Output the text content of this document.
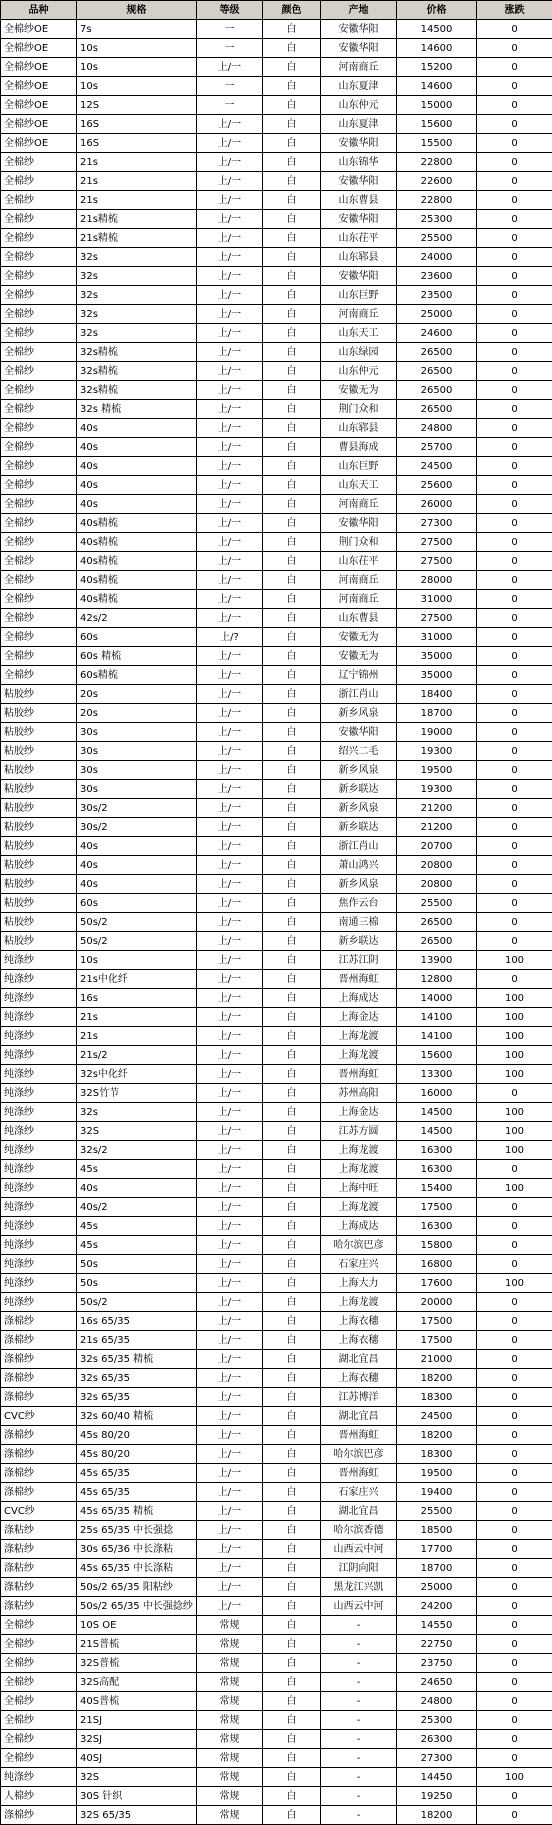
品种	规格	等级	颜色	产地	价格	涨跌
全棉纱OE	7s	一	白	安徽华阳	14500	0
全棉纱OE	10s	一	白	安徽华阳	14600	0
全棉纱OE	10s	上/一	白	河南商丘	15200	0
全棉纱OE	10s	一	白	山东夏津	14600	0
全棉纱OE	12S	一	白	山东仲元	15000	0
全棉纱OE	16S	上/一	白	山东夏津	15600	0
全棉纱OE	16S	上/一	白	安徽华阳	15500	0
全棉纱	21s	上/一	白	山东锦华	22800	0
全棉纱	21s	上/一	白	安徽华阳	22600	0
全棉纱	21s	上/一	白	山东曹县	22800	0
全棉纱	21s精梳	上/一	白	安徽华阳	25300	0
全棉纱	21s精梳	上/一	白	山东茌平	25500	0
全棉纱	32s	上/一	白	山东郓县	24000	0
全棉纱	32s	上/一	白	安徽华阳	23600	0
全棉纱	32s	上/一	白	山东巨野	23500	0
全棉纱	32s	上/一	白	河南商丘	25000	0
全棉纱	32s	上/一	白	山东天工	24600	0
全棉纱	32s精梳	上/一	白	山东绿园	26500	0
全棉纱	32s精梳	上/一	白	山东仲元	26500	0
全棉纱	32s精梳	上/一	白	安徽无为	26500	0
全棉纱	32s 精梳	上/一	白	荆门众和	26500	0
全棉纱	40s	上/一	白	山东郓县	24800	0
全棉纱	40s	上/一	白	曹县海成	25700	0
全棉纱	40s	上/一	白	山东巨野	24500	0
全棉纱	40s	上/一	白	山东天工	25600	0
全棉纱	40s	上/一	白	河南商丘	26000	0
全棉纱	40s精梳	上/一	白	安徽华阳	27300	0
全棉纱	40s精梳	上/一	白	荆门众和	27500	0
全棉纱	40s精梳	上/一	白	山东茌平	27500	0
全棉纱	40s精梳	上/一	白	河南商丘	28000	0
全棉纱	40s精梳	上/一	白	河南商丘	31000	0
全棉纱	42s/2	上/一	白	山东曹县	27500	0
全棉纱	60s	上/?	白	安徽无为	31000	0
全棉纱	60s 精梳	上/一	白	安徽无为	35000	0
全棉纱	60s精梳	上/一	白	辽宁锦州	35000	0
粘胶纱	20s	上/一	白	浙江肖山	18400	0
粘胶纱	20s	上/一	白	新乡风泉	18700	0
粘胶纱	30s	上/一	白	安徽华阳	19000	0
粘胶纱	30s	上/一	白	绍兴二毛	19300	0
粘胶纱	30s	上/一	白	新乡风泉	19500	0
粘胶纱	30s	上/一	白	新乡联达	19300	0
粘胶纱	30s/2	上/一	白	新乡风泉	21200	0
粘胶纱	30s/2	上/一	白	新乡联达	21200	0
粘胶纱	40s	上/一	白	浙江肖山	20700	0
粘胶纱	40s	上/一	白	萧山鸿兴	20800	0
粘胶纱	40s	上/一	白	新乡风泉	20800	0
粘胶纱	60s	上/一	白	焦作云台	25500	0
粘胶纱	50s/2	上/一	白	南通三棉	26500	0
粘胶纱	50s/2	上/一	白	新乡联达	26500	0
纯涤纱	10s	上/一	白	江苏江阴	13900	100
纯涤纱	21s中化纤	上/一	白	晋州海虹	12800	0
纯涤纱	16s	上/一	白	上海成达	14000	100
纯涤纱	21s	上/一	白	上海金达	14100	100
纯涤纱	21s	上/一	白	上海龙渡	14100	100
纯涤纱	21s/2	上/一	白	上海龙渡	15600	100
纯涤纱	32s中化纤	上/一	白	晋州海虹	13300	100
纯涤纱	32S竹节	上/一	白	苏州高阳	16000	0
纯涤纱	32s	上/一	白	上海金达	14500	100
纯涤纱	32S	上/一	白	江苏方圆	14500	100
纯涤纱	32s/2	上/一	白	上海龙渡	16300	100
纯涤纱	45s	上/一	白	上海龙渡	16300	0
纯涤纱	40s	上/一	白	上海中旺	15400	100
纯涤纱	40s/2	上/一	白	上海龙渡	17500	0
纯涤纱	45s	上/一	白	上海成达	16300	0
纯涤纱	45s	上/一	白	哈尔滨巴彦	15800	0
纯涤纱	50s	上/一	白	石家庄兴	16800	0
纯涤纱	50s	上/一	白	上海大力	17600	100
纯涤纱	50s/2	上/一	白	上海龙渡	20000	0
涤棉纱	16s 65/35	上/一	白	上海衣穗	17500	0
涤棉纱	21s 65/35	上/一	白	上海衣穗	17500	0
涤棉纱	32s 65/35 精梳	上/一	白	湖北宜昌	21000	0
涤棉纱	32s 65/35	上/一	白	上海衣穗	18200	0
涤棉纱	32s 65/35	上/一	白	江苏博洋	18300	0
CVC纱	32s 60/40 精梳	上/一	白	湖北宜昌	24500	0
涤棉纱	45s 80/20	上/一	白	晋州海虹	18200	0
涤棉纱	45s 80/20	上/一	白	哈尔滨巴彦	18300	0
涤棉纱	45s 65/35	上/一	白	晋州海虹	19500	0
涤棉纱	45s 65/35	上/一	白	石家庄兴	19400	0
CVC纱	45s 65/35 精梳	上/一	白	湖北宜昌	25500	0
涤粘纱	25s 65/35 中长强捻	上/一	白	哈尔滨香德	18500	0
涤粘纱	30s 65/36 中长涤粘	上/一	白	山西云中河	17700	0
涤粘纱	45s 65/35 中长涤粘	上/一	白	江阴向阳	18700	0
涤粘纱	50s/2 65/35 阳粘纱	上/一	白	黑龙江兴凯	25000	0
涤粘纱	50s/2 65/35 中长强捻纱	上/一	白	山西云中河	24200	0
全棉纱	10S OE	常规	白	-	14550	0
全棉纱	21S普梳	常规	白	-	22750	0
全棉纱	32S普梳	常规	白	-	23750	0
全棉纱	32S高配	常规	白	-	24650	0
全棉纱	40S普梳	常规	白	-	24800	0
全棉纱	21SJ	常规	白	-	25300	0
全棉纱	32SJ	常规	白	-	26300	0
全棉纱	40SJ	常规	白	-	27300	0
纯涤纱	32S	常规	白	-	14450	100
人棉纱	30S 针织	常规	白	-	19250	0
涤棉纱	32S 65/35	常规	白	-	18200	0
